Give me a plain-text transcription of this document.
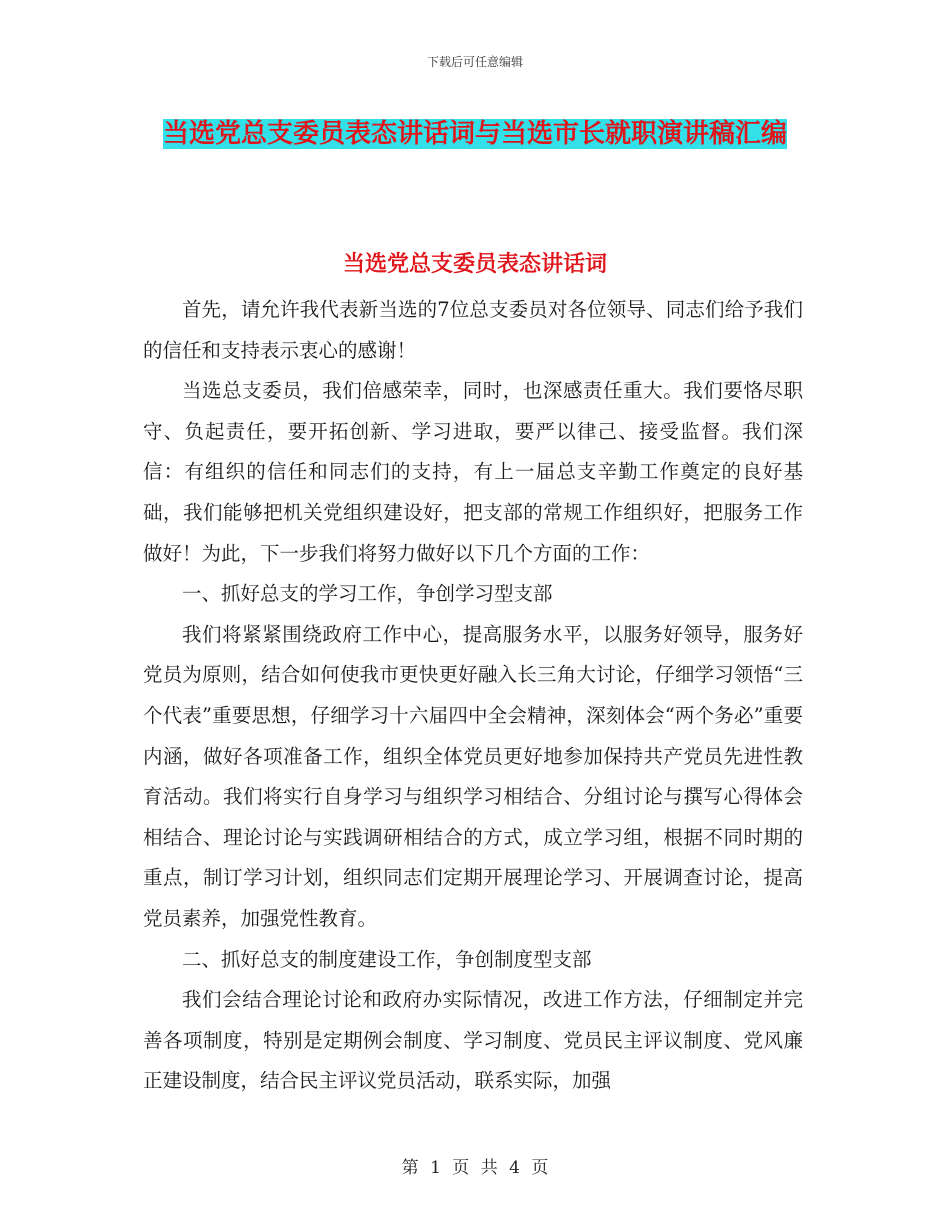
下载后可任意编辑
当选党总支委员表态讲话词与当选市长就职演讲稿汇编
当选党总支委员表态讲话词

首先，请允许我代表新当选的7位总支委员对各位领导、同志们给予我们的信任和支持表示衷心的感谢！

当选总支委员，我们倍感荣幸，同时，也深感责任重大。我们要恪尽职守、负起责任，要开拓创新、学习进取，要严以律己、接受监督。我们深信：有组织的信任和同志们的支持，有上一届总支辛勤工作奠定的良好基础，我们能够把机关党组织建设好，把支部的常规工作组织好，把服务工作做好！为此，下一步我们将努力做好以下几个方面的工作：

一、抓好总支的学习工作，争创学习型支部

我们将紧紧围绕政府工作中心，提高服务水平，以服务好领导，服务好党员为原则，结合如何使我市更快更好融入长三角大讨论，仔细学习领悟“三个代表”重要思想，仔细学习十六届四中全会精神，深刻体会“两个务必”重要内涵，做好各项准备工作，组织全体党员更好地参加保持共产党员先进性教育活动。我们将实行自身学习与组织学习相结合、分组讨论与撰写心得体会相结合、理论讨论与实践调研相结合的方式，成立学习组，根据不同时期的重点，制订学习计划，组织同志们定期开展理论学习、开展调查讨论，提高党员素养，加强党性教育。

二、抓好总支的制度建设工作，争创制度型支部

我们会结合理论讨论和政府办实际情况，改进工作方法，仔细制定并完善各项制度，特别是定期例会制度、学习制度、党员民主评议制度、党风廉正建设制度，结合民主评议党员活动，联系实际，加强

第 1 页 共 4 页
